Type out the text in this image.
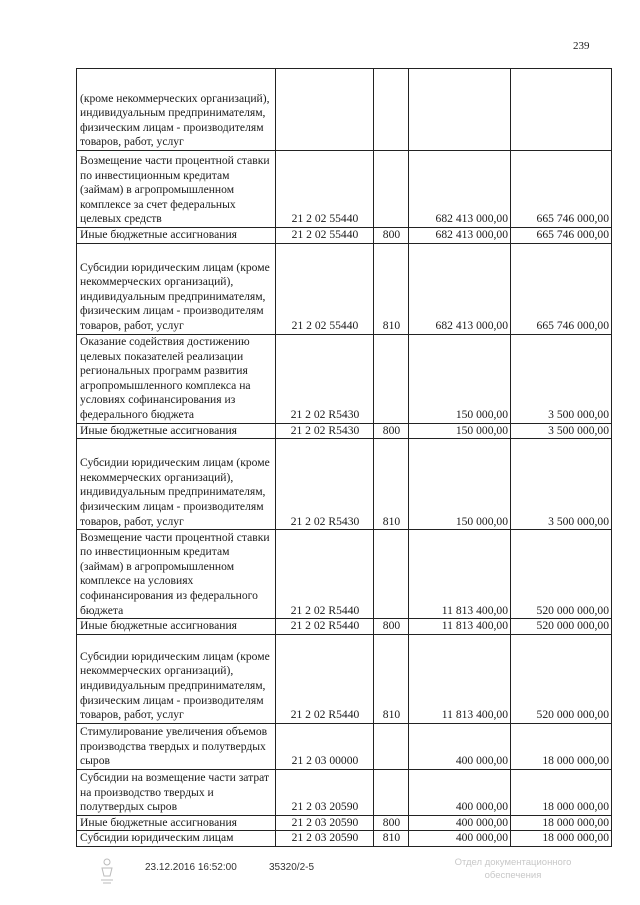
239
(кроме некоммерческих организаций), индивидуальным предпринимателям, физическим лицам - производителям товаров, работ, услуг				
Возмещение части процентной ставки по инвестиционным кредитам (займам) в агропромышленном комплексе за счет федеральных целевых средств	21 2 02 55440		682 413 000,00	665 746 000,00
Иные бюджетные ассигнования	21 2 02 55440	800	682 413 000,00	665 746 000,00
Субсидии юридическим лицам (кроме некоммерческих организаций), индивидуальным предпринимателям, физическим лицам - производителям товаров, работ, услуг	21 2 02 55440	810	682 413 000,00	665 746 000,00
Оказание содействия достижению целевых показателей реализации региональных программ развития агропромышленного комплекса на условиях софинансирования из федерального бюджета	21 2 02 R5430		150 000,00	3 500 000,00
Иные бюджетные ассигнования	21 2 02 R5430	800	150 000,00	3 500 000,00
Субсидии юридическим лицам (кроме некоммерческих организаций), индивидуальным предпринимателям, физическим лицам - производителям товаров, работ, услуг	21 2 02 R5430	810	150 000,00	3 500 000,00
Возмещение части процентной ставки по инвестиционным кредитам (займам) в агропромышленном комплексе на условиях софинансирования из федерального бюджета	21 2 02 R5440		11 813 400,00	520 000 000,00
Иные бюджетные ассигнования	21 2 02 R5440	800	11 813 400,00	520 000 000,00
Субсидии юридическим лицам (кроме некоммерческих организаций), индивидуальным предпринимателям, физическим лицам - производителям товаров, работ, услуг	21 2 02 R5440	810	11 813 400,00	520 000 000,00
Стимулирование увеличения объемов производства твердых и полутвердых сыров	21 2 03 00000		400 000,00	18 000 000,00
Субсидии на возмещение части затрат на производство твердых и полутвердых сыров	21 2 03 20590		400 000,00	18 000 000,00
Иные бюджетные ассигнования	21 2 03 20590	800	400 000,00	18 000 000,00
Субсидии юридическим лицам	21 2 03 20590	810	400 000,00	18 000 000,00
23.12.2016 16:52:00	35320/2-5	Отдел документационного обеспечения
